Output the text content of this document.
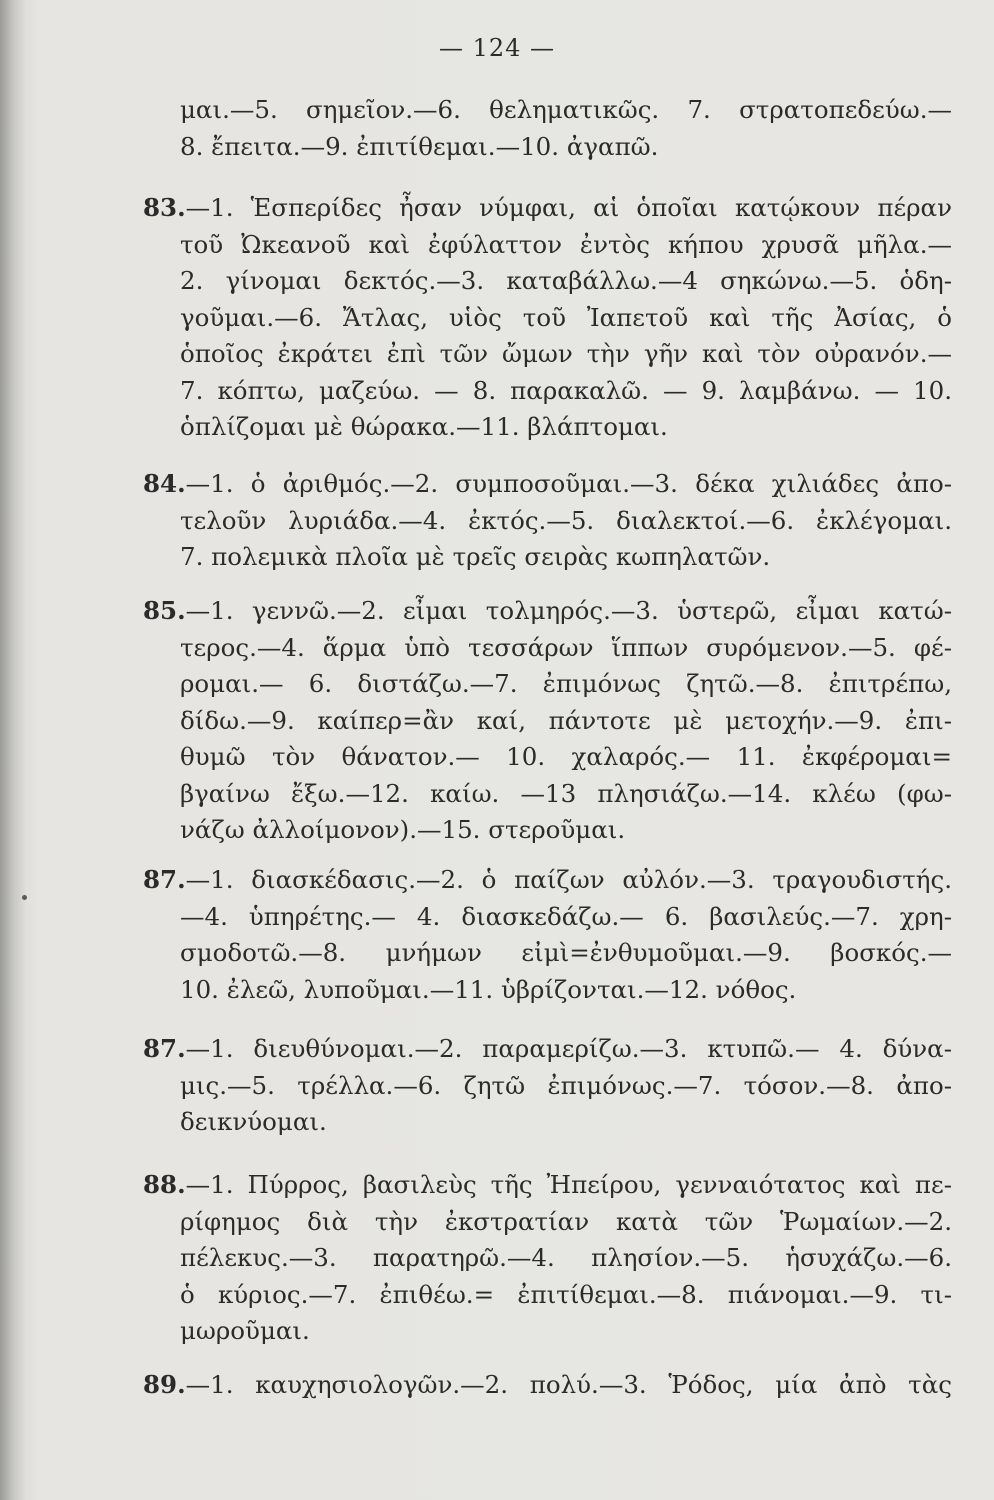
— 124 —
μαι.—5. σημεῖον.—6. θεληματικῶς. 7. στρατοπεδεύω.—
8. ἔπειτα.—9. ἐπιτίθεμαι.—10. ἀγαπῶ.
83.—1. Ἑσπερίδες ἦσαν νύμφαι, αἱ ὁποῖαι κατῴκουν πέραν
τοῦ Ὠκεανοῦ καὶ ἐφύλαττον ἐντὸς κήπου χρυσᾶ μῆλα.—
2. γίνομαι δεκτός.—3. καταβάλλω.—4 σηκώνω.—5. ὁδη-
γοῦμαι.—6. Ἄτλας, υἱὸς τοῦ Ἰαπετοῦ καὶ τῆς Ἀσίας, ὁ
ὁποῖος ἐκράτει ἐπὶ τῶν ὤμων τὴν γῆν καὶ τὸν οὐρανόν.—
7. κόπτω, μαζεύω. — 8. παρακαλῶ. — 9. λαμβάνω. — 10.
ὁπλίζομαι μὲ θώρακα.—11. βλάπτομαι.
84.—1. ὁ ἀριθμός.—2. συμποσοῦμαι.—3. δέκα χιλιάδες ἀπο-
τελοῦν λυριάδα.—4. ἐκτός.—5. διαλεκτοί.—6. ἐκλέγομαι.
7. πολεμικὰ πλοῖα μὲ τρεῖς σειρὰς κωπηλατῶν.
85.—1. γεννῶ.—2. εἶμαι τολμηρός.—3. ὑστερῶ, εἶμαι κατώ-
τερος.—4. ἅρμα ὑπὸ τεσσάρων ἵππων συρόμενον.—5. φέ-
ρομαι.— 6. διστάζω.—7. ἐπιμόνως ζητῶ.—8. ἐπιτρέπω,
δίδω.—9. καίπερ=ἂν καί, πάντοτε μὲ μετοχήν.—9. ἐπι-
θυμῶ τὸν θάνατον.— 10. χαλαρός.— 11. ἐκφέρομαι=
βγαίνω ἔξω.—12. καίω. —13 πλησιάζω.—14. κλέω (φω-
νάζω ἀλλοίμονον).—15. στεροῦμαι.
87.—1. διασκέδασις.—2. ὁ παίζων αὐλόν.—3. τραγουδιστής.
—4. ὑπηρέτης.— 4. διασκεδάζω.— 6. βασιλεύς.—7. χρη-
σμοδοτῶ.—8. μνήμων εἰμὶ=ἐνθυμοῦμαι.—9. βοσκός.—
10. ἐλεῶ, λυποῦμαι.—11. ὑβρίζονται.—12. νόθος.
87.—1. διευθύνομαι.—2. παραμερίζω.—3. κτυπῶ.— 4. δύνα-
μις.—5. τρέλλα.—6. ζητῶ ἐπιμόνως.—7. τόσον.—8. ἀπο-
δεικνύομαι.
88.—1. Πύρρος, βασιλεὺς τῆς Ἠπείρου, γενναιότατος καὶ πε-
ρίφημος διὰ τὴν ἐκστρατίαν κατὰ τῶν Ῥωμαίων.—2.
πέλεκυς.—3. παρατηρῶ.—4. πλησίον.—5. ἡσυχάζω.—6.
ὁ κύριος.—7. ἐπιθέω.= ἐπιτίθεμαι.—8. πιάνομαι.—9. τι-
μωροῦμαι.
89.—1. καυχησιολογῶν.—2. πολύ.—3. Ῥόδος, μία ἀπὸ τὰς
